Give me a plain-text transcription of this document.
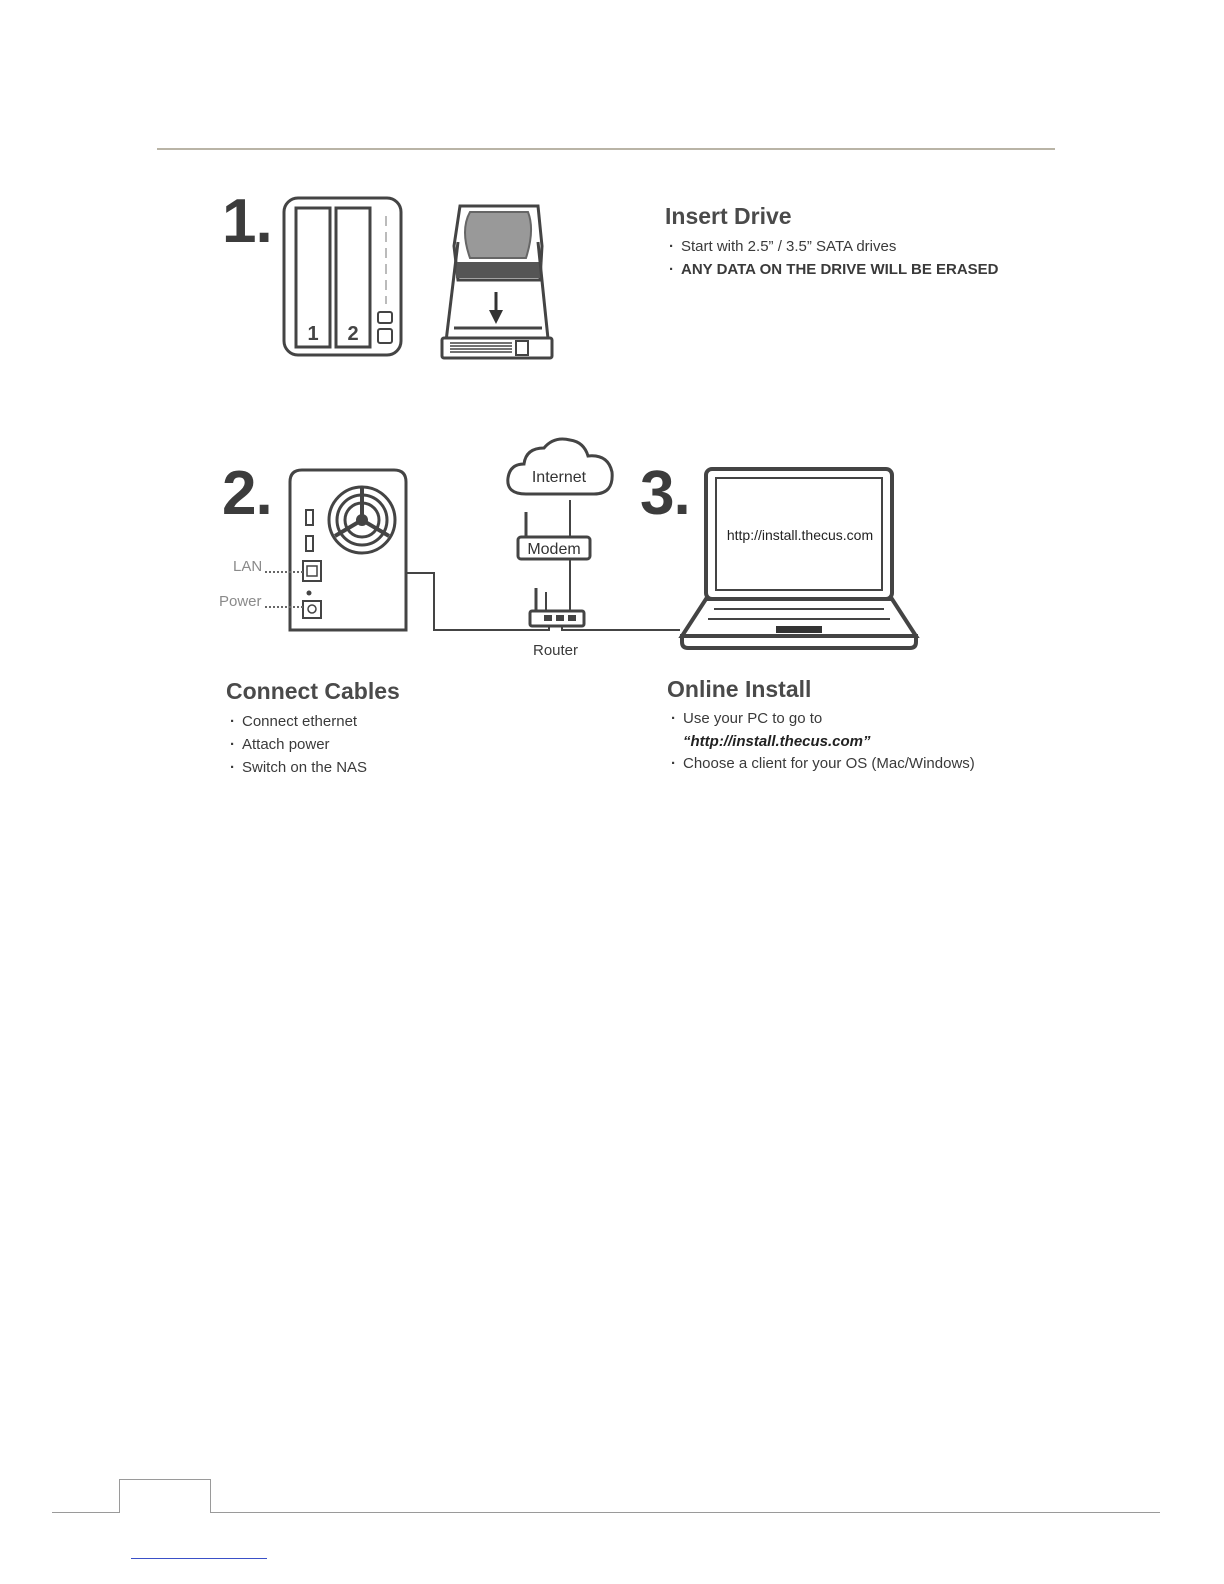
1.
1 2
Insert Drive
· Start with 2.5” / 3.5” SATA drives
· ANY DATA ON THE DRIVE WILL BE ERASED
2.	3.
LAN
Power
Internet
Modem
Router
http://install.thecus.com
Connect Cables
· Connect ethernet
· Attach power
· Switch on the NAS
Online Install
· Use your PC to go to
“http://install.thecus.com”
· Choose a client for your OS (Mac/Windows)
